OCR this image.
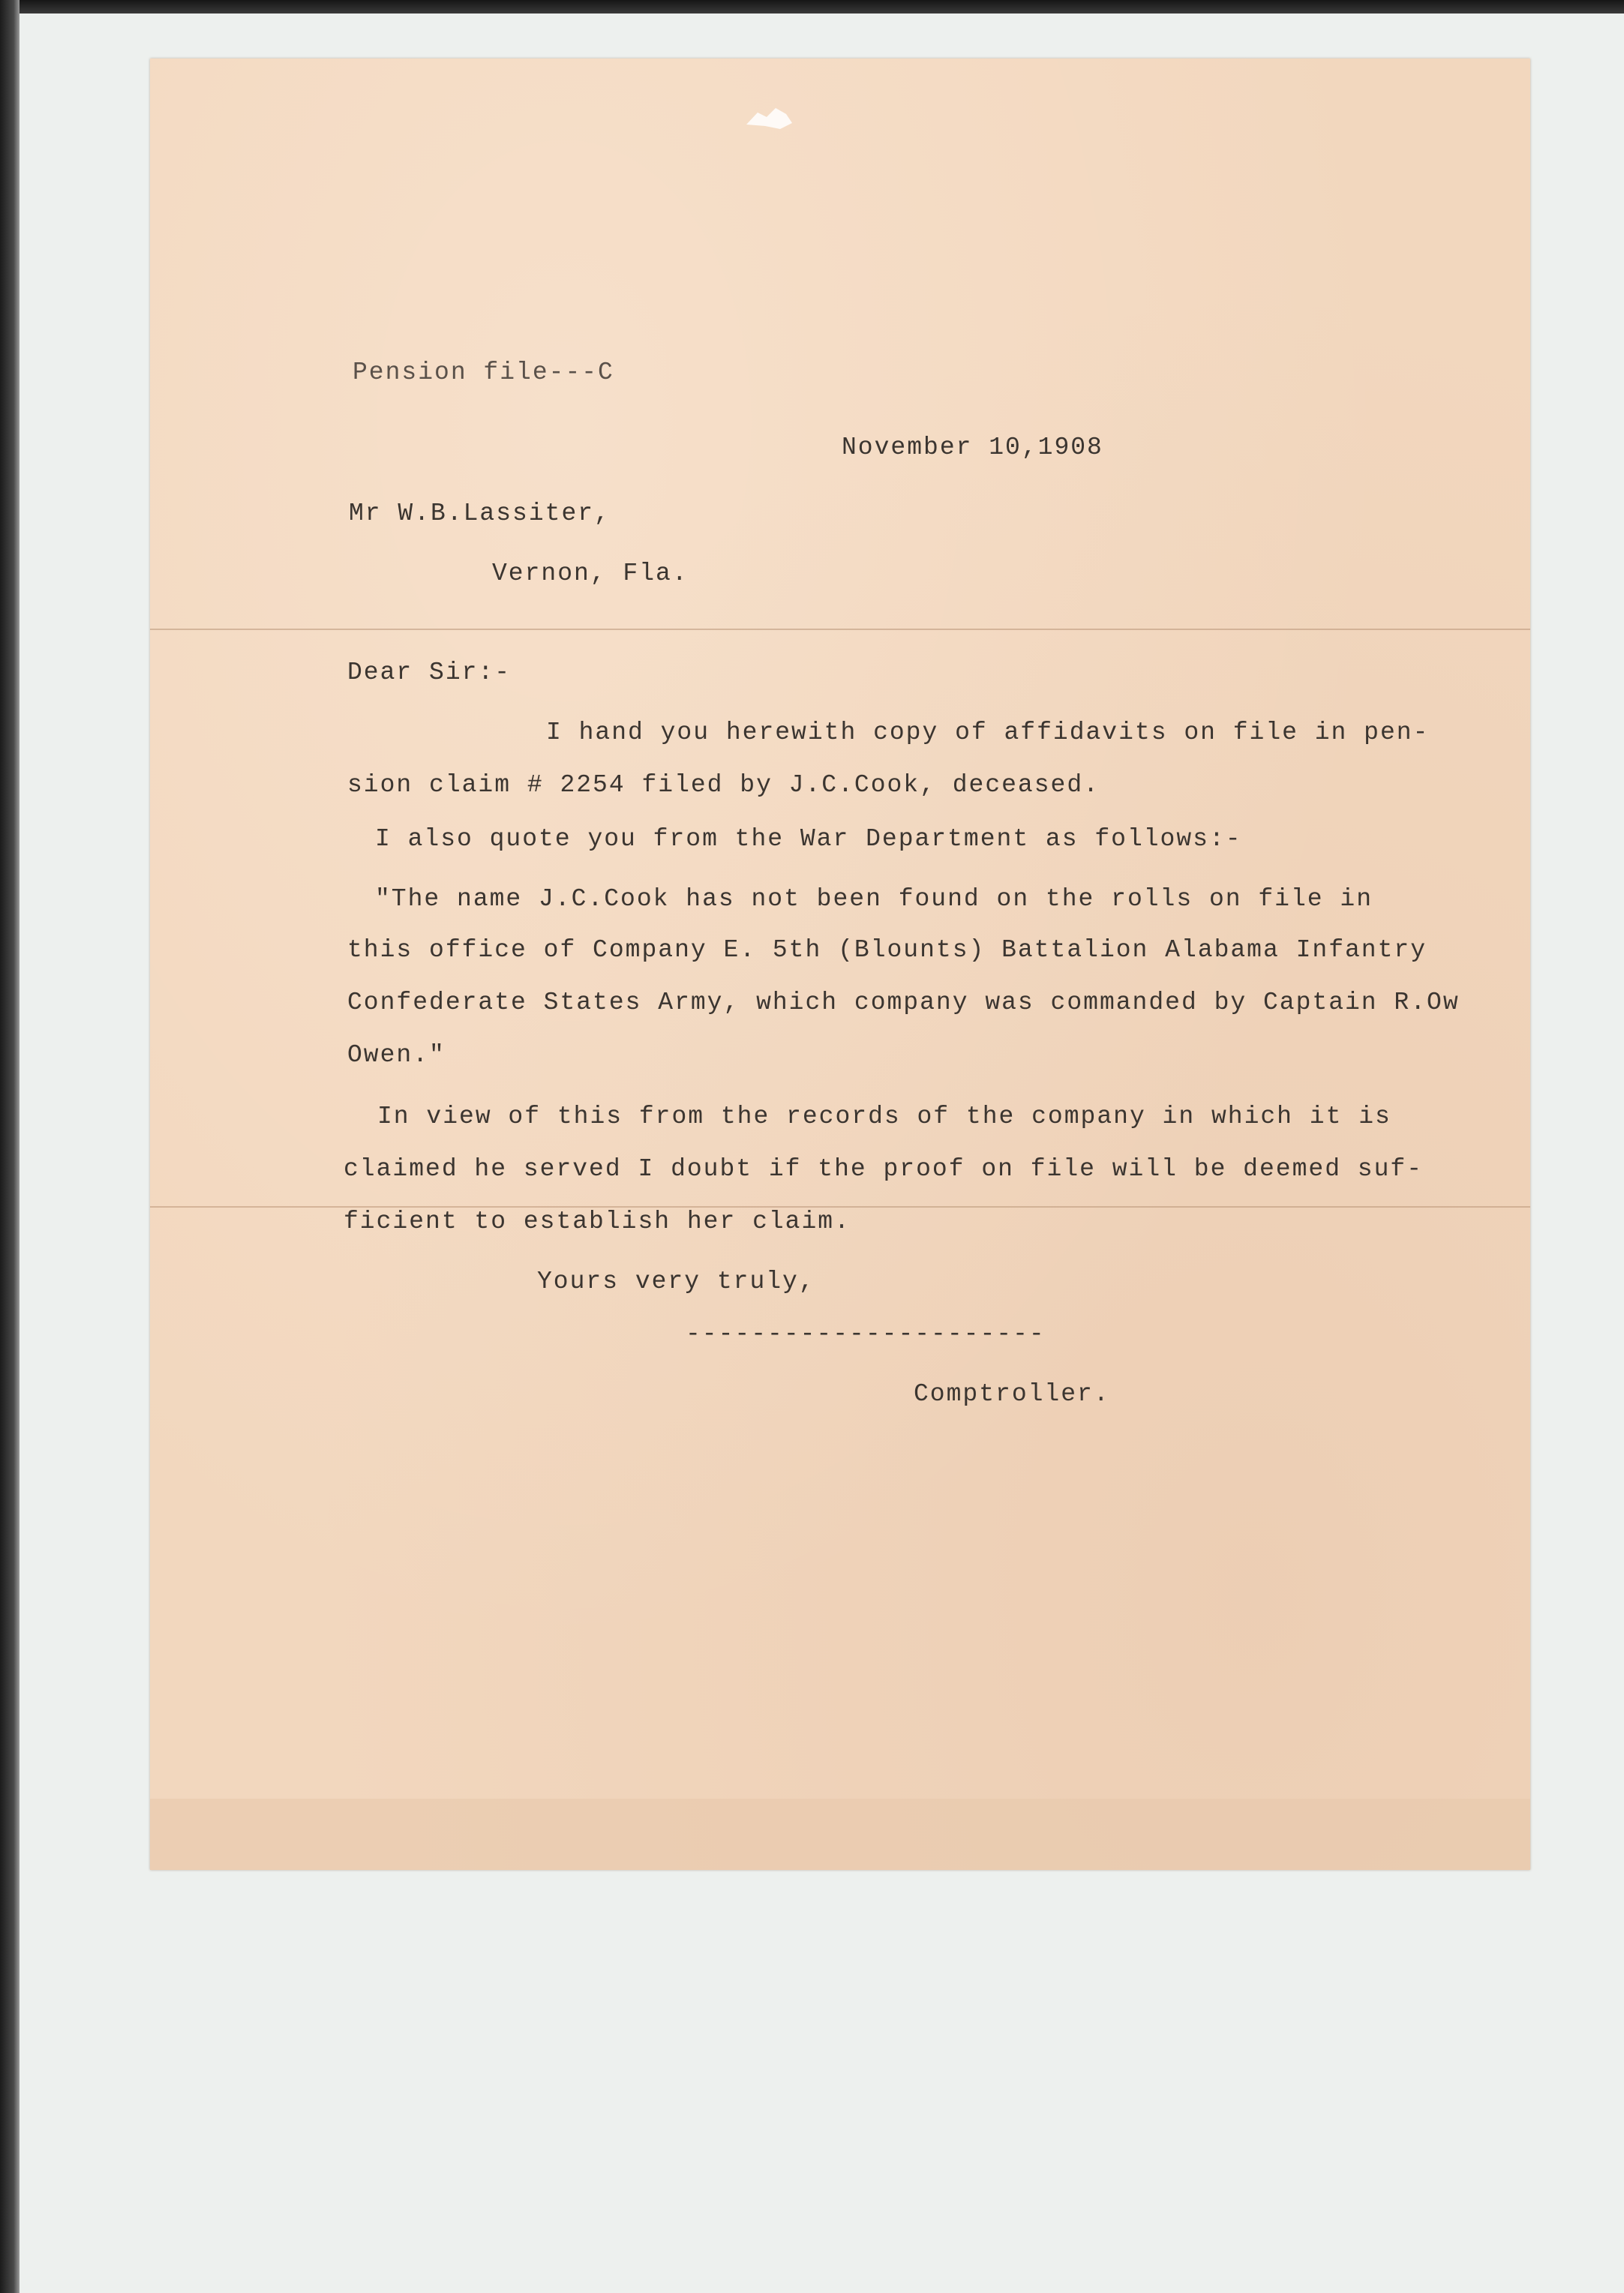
Pension file---C
November 10,1908
Mr W.B.Lassiter,
Vernon, Fla.
Dear Sir:-
I hand you herewith copy of affidavits on file in pen-
sion claim # 2254 filed by J.C.Cook, deceased.
I also quote you from the War Department as follows:-
"The name J.C.Cook has not been found on the rolls on file in
this office of Company E. 5th (Blounts) Battalion Alabama Infantry
Confederate States Army, which company was commanded by Captain R.Ow
Owen."
In view of this from the records of the company in which it is
claimed he served I doubt if the proof on file will be deemed suf-
ficient to establish her claim.
Yours very truly,
----------------------
Comptroller.
